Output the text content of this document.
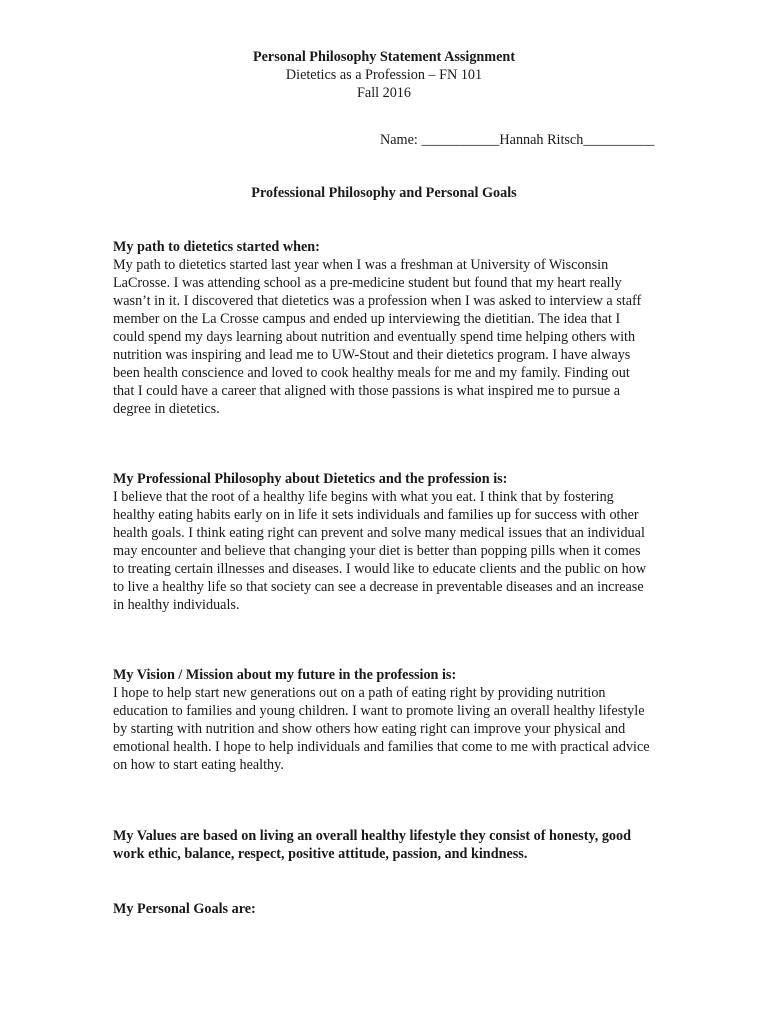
Personal Philosophy Statement Assignment
Dietetics as a Profession – FN 101
Fall 2016
Name: ___________Hannah Ritsch__________
Professional Philosophy and Personal Goals
My path to dietetics started when:

My path to dietetics started last year when I was a freshman at University of Wisconsin LaCrosse. I was attending school as a pre-medicine student but found that my heart really wasn’t in it. I discovered that dietetics was a profession when I was asked to interview a staff member on the La Crosse campus and ended up interviewing the dietitian. The idea that I could spend my days learning about nutrition and eventually spend time helping others with nutrition was inspiring and lead me to UW-Stout and their dietetics program. I have always been health conscience and loved to cook healthy meals for me and my family. Finding out that I could have a career that aligned with those passions is what inspired me to pursue a degree in dietetics.

My Professional Philosophy about Dietetics and the profession is:

I believe that the root of a healthy life begins with what you eat. I think that by fostering healthy eating habits early on in life it sets individuals and families up for success with other health goals. I think eating right can prevent and solve many medical issues that an individual may encounter and believe that changing your diet is better than popping pills when it comes to treating certain illnesses and diseases. I would like to educate clients and the public on how to live a healthy life so that society can see a decrease in preventable diseases and an increase in healthy individuals.

My Vision / Mission about my future in the profession is:

I hope to help start new generations out on a path of eating right by providing nutrition education to families and young children. I want to promote living an overall healthy lifestyle by starting with nutrition and show others how eating right can improve your physical and emotional health. I hope to help individuals and families that come to me with practical advice on how to start eating healthy.

My Values are based on living an overall healthy lifestyle they consist of honesty, good work ethic, balance, respect, positive attitude, passion, and kindness.
My Personal Goals are:
